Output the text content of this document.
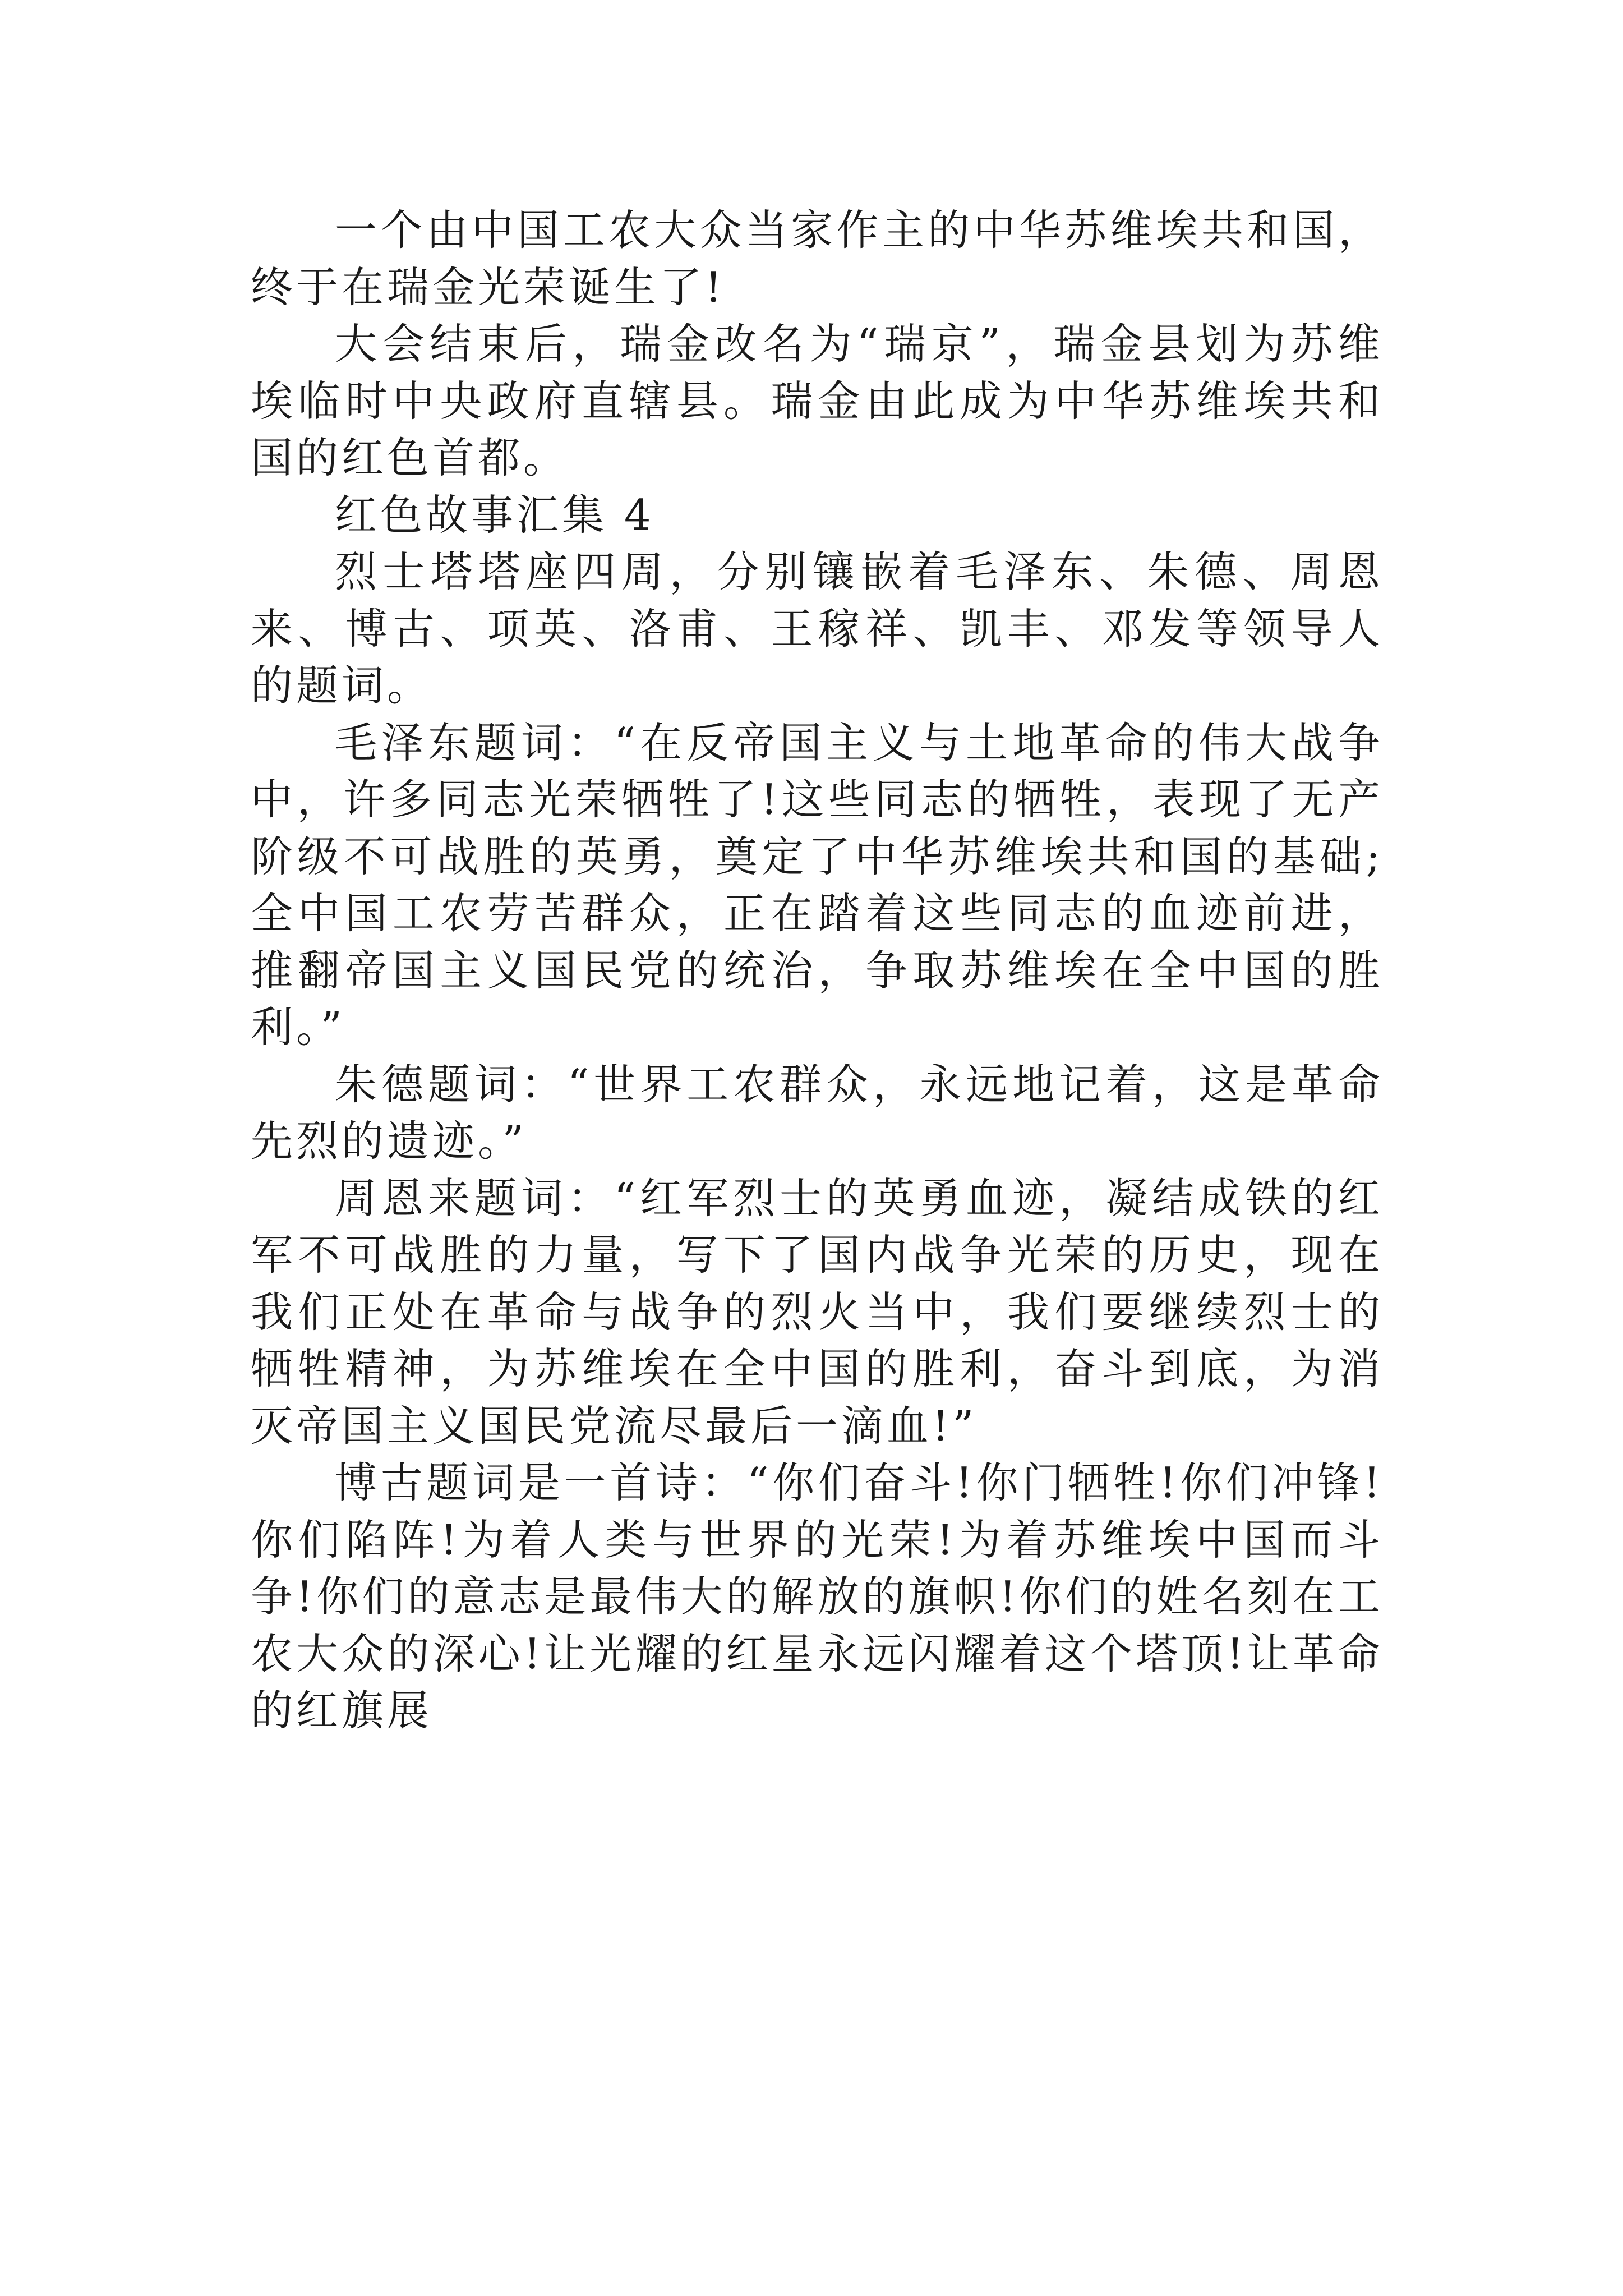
一个由中国工农大众当家作主的中华苏维埃共和国，终于在瑞金光荣诞生了!

大会结束后，瑞金改名为“瑞京”，瑞金县划为苏维埃临时中央政府直辖县。瑞金由此成为中华苏维埃共和国的红色首都。

红色故事汇集 4

烈士塔塔座四周，分别镶嵌着毛泽东、朱德、周恩来、博古、项英、洛甫、王稼祥、凯丰、邓发等领导人的题词。

毛泽东题词：“在反帝国主义与土地革命的伟大战争中，许多同志光荣牺牲了!这些同志的牺牲，表现了无产阶级不可战胜的英勇，奠定了中华苏维埃共和国的基础;全中国工农劳苦群众，正在踏着这些同志的血迹前进，推翻帝国主义国民党的统治，争取苏维埃在全中国的胜利。”

朱德题词：“世界工农群众，永远地记着，这是革命先烈的遗迹。”

周恩来题词：“红军烈士的英勇血迹，凝结成铁的红军不可战胜的力量，写下了国内战争光荣的历史，现在我们正处在革命与战争的烈火当中，我们要继续烈士的牺牲精神，为苏维埃在全中国的胜利，奋斗到底，为消灭帝国主义国民党流尽最后一滴血!”

博古题词是一首诗：“你们奋斗!你门牺牲!你们冲锋!你们陷阵!为着人类与世界的光荣!为着苏维埃中国而斗争!你们的意志是最伟大的解放的旗帜!你们的姓名刻在工农大众的深心!让光耀的红星永远闪耀着这个塔顶!让革命的红旗展
